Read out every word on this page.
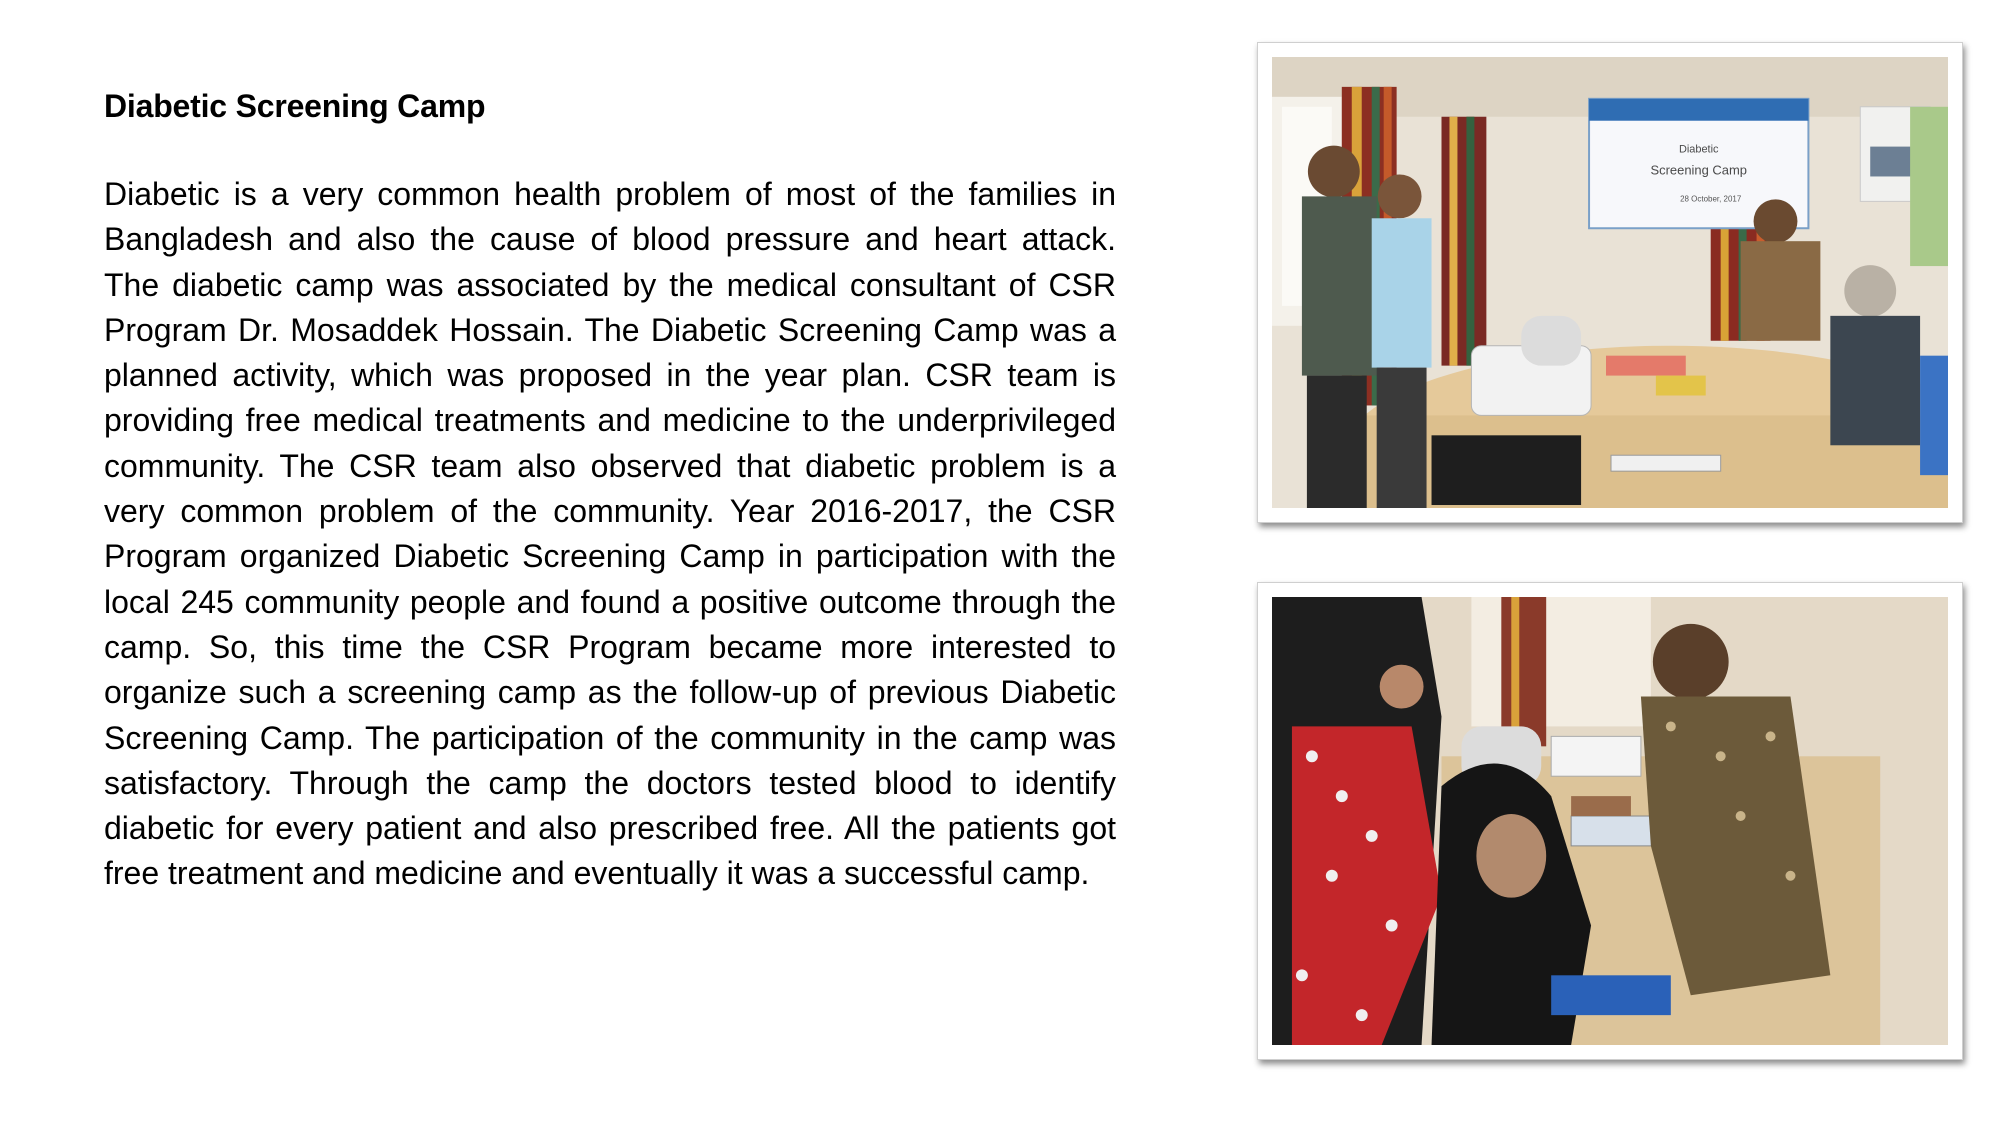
Diabetic Screening Camp

Diabetic is a very common health problem of most of the families in Bangladesh and also the cause of blood pressure and heart attack. The diabetic camp was associated by the medical consultant of CSR Program Dr. Mosaddek Hossain. The Diabetic Screening Camp was a planned activity, which was proposed in the year plan. CSR team is providing free medical treatments and medicine to the underprivileged community. The CSR team also observed that diabetic problem is a very common problem of the community. Year 2016-2017, the CSR Program organized Diabetic Screening Camp in participation with the local 245 community people and found a positive outcome through the camp. So, this time the CSR Program became more interested to organize such a screening camp as the follow-up of previous Diabetic Screening Camp. The participation of the community in the camp was satisfactory. Through the camp the doctors tested blood to identify diabetic for every patient and also prescribed free. All the patients got free treatment and medicine and eventually it was a successful camp.

Diabetic
Screening Camp
28 October, 2017
